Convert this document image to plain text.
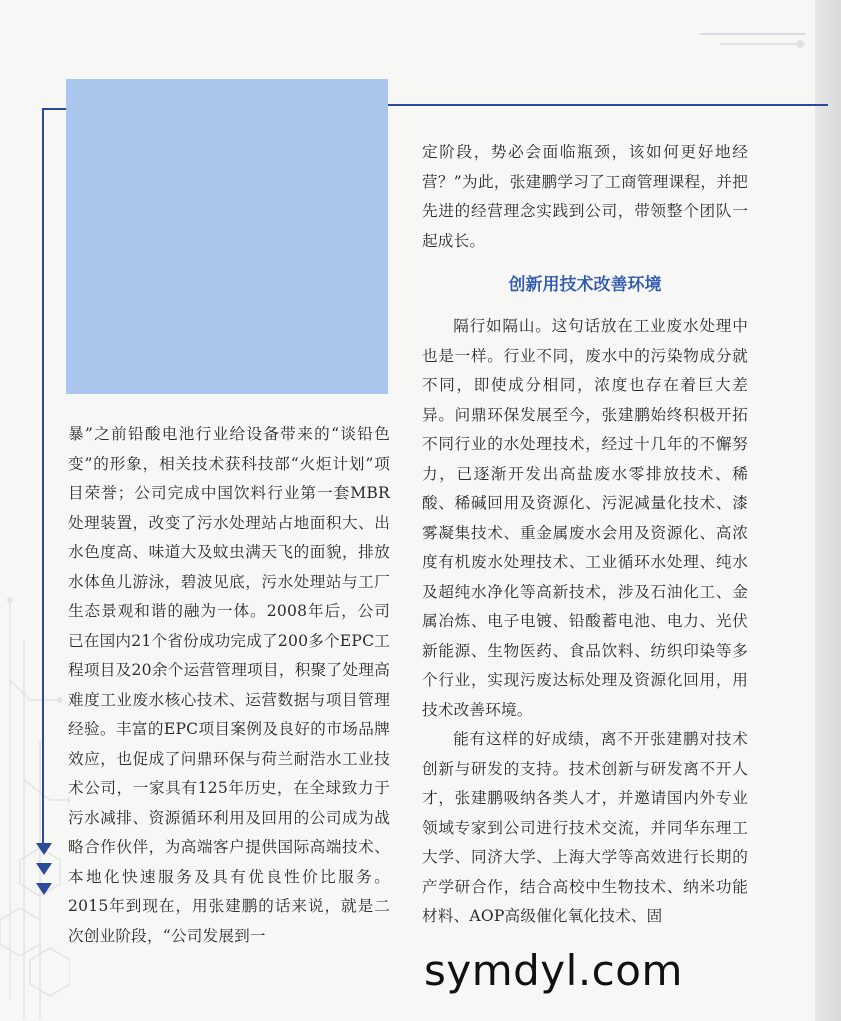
暴”之前铅酸电池行业给设备带来的“谈铅色变”的形象，相关技术获科技部“火炬计划”项目荣誉；公司完成中国饮料行业第一套MBR处理装置，改变了污水处理站占地面积大、出水色度高、味道大及蚊虫满天飞的面貌，排放水体鱼儿游泳，碧波见底，污水处理站与工厂生态景观和谐的融为一体。2008年后，公司已在国内21个省份成功完成了200多个EPC工程项目及20余个运营管理项目，积聚了处理高难度工业废水核心技术、运营数据与项目管理经验。丰富的EPC项目案例及良好的市场品牌效应，也促成了问鼎环保与荷兰耐浩水工业技术公司，一家具有125年历史，在全球致力于污水减排、资源循环利用及回用的公司成为战略合作伙伴，为高端客户提供国际高端技术、本地化快速服务及具有优良性价比服务。2015年到现在，用张建鹏的话来说，就是二次创业阶段，“公司发展到一

定阶段，势必会面临瓶颈，该如何更好地经营？”为此，张建鹏学习了工商管理课程，并把先进的经营理念实践到公司，带领整个团队一起成长。

创新用技术改善环境

隔行如隔山。这句话放在工业废水处理中也是一样。行业不同，废水中的污染物成分就不同，即使成分相同，浓度也存在着巨大差异。问鼎环保发展至今，张建鹏始终积极开拓不同行业的水处理技术，经过十几年的不懈努力，已逐渐开发出高盐废水零排放技术、稀酸、稀碱回用及资源化、污泥减量化技术、漆雾凝集技术、重金属废水会用及资源化、高浓度有机废水处理技术、工业循环水处理、纯水及超纯水净化等高新技术，涉及石油化工、金属冶炼、电子电镀、铅酸蓄电池、电力、光伏新能源、生物医药、食品饮料、纺织印染等多个行业，实现污废达标处理及资源化回用，用技术改善环境。

能有这样的好成绩，离不开张建鹏对技术创新与研发的支持。技术创新与研发离不开人才，张建鹏吸纳各类人才，并邀请国内外专业领域专家到公司进行技术交流，并同华东理工大学、同济大学、上海大学等高效进行长期的产学研合作，结合高校中生物技术、纳米功能材料、AOP高级催化氧化技术、固

symdyl.com
